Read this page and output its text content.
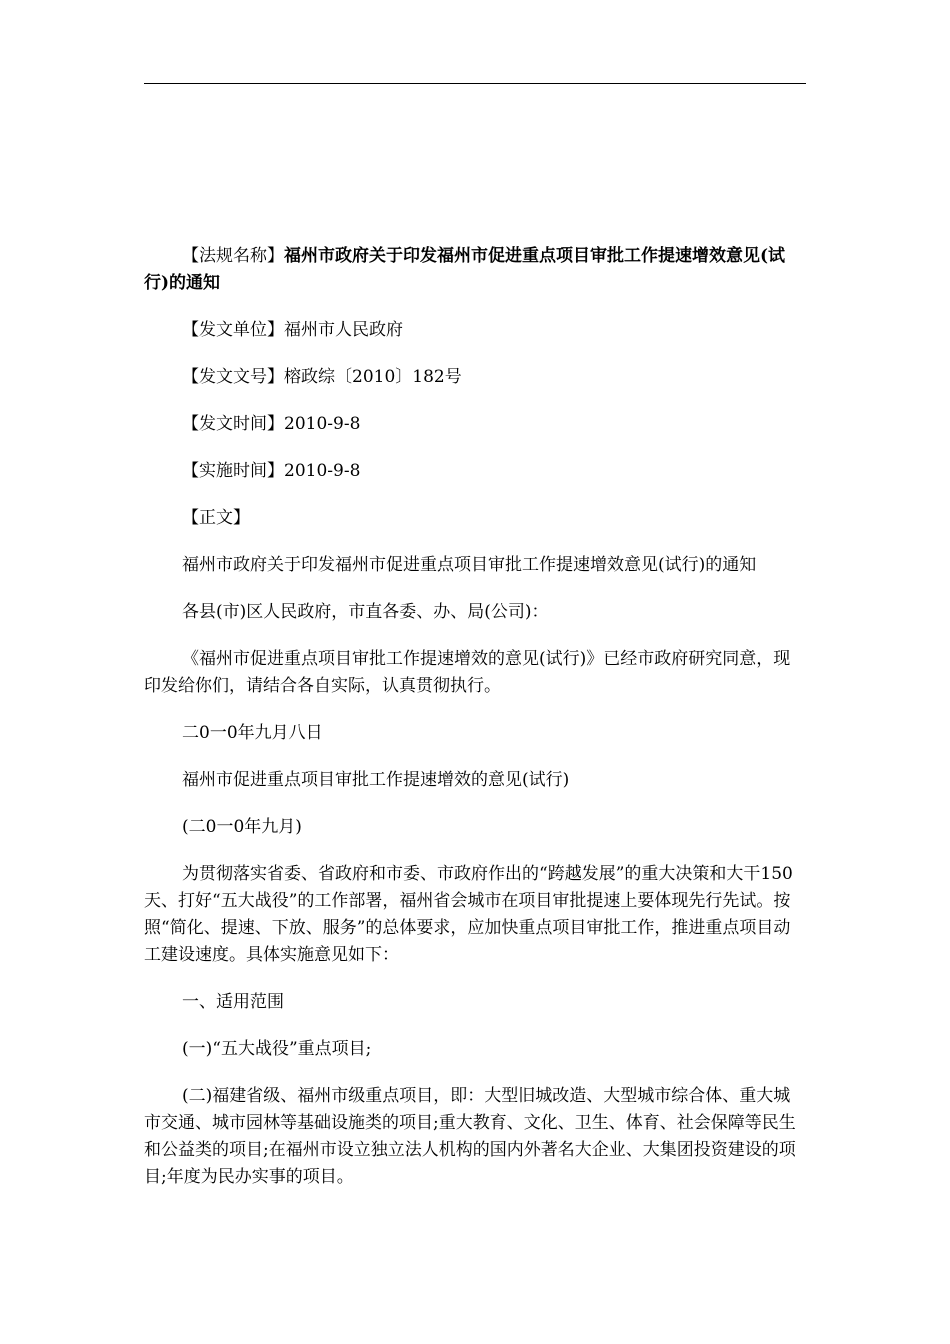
【法规名称】福州市政府关于印发福州市促进重点项目审批工作提速增效意见(试行)的通知

【发文单位】福州市人民政府

【发文文号】榕政综〔2010〕182号

【发文时间】2010-9-8

【实施时间】2010-9-8

【正文】

福州市政府关于印发福州市促进重点项目审批工作提速增效意见(试行)的通知

各县(市)区人民政府，市直各委、办、局(公司)：

《福州市促进重点项目审批工作提速增效的意见(试行)》已经市政府研究同意，现印发给你们，请结合各自实际，认真贯彻执行。

二0一0年九月八日

福州市促进重点项目审批工作提速增效的意见(试行)

(二0一0年九月)

为贯彻落实省委、省政府和市委、市政府作出的“跨越发展”的重大决策和大干150天、打好“五大战役”的工作部署，福州省会城市在项目审批提速上要体现先行先试。按照“简化、提速、下放、服务”的总体要求，应加快重点项目审批工作，推进重点项目动工建设速度。具体实施意见如下：

一、适用范围

(一)“五大战役”重点项目;

(二)福建省级、福州市级重点项目，即：大型旧城改造、大型城市综合体、重大城市交通、城市园林等基础设施类的项目;重大教育、文化、卫生、体育、社会保障等民生和公益类的项目;在福州市设立独立法人机构的国内外著名大企业、大集团投资建设的项目;年度为民办实事的项目。
